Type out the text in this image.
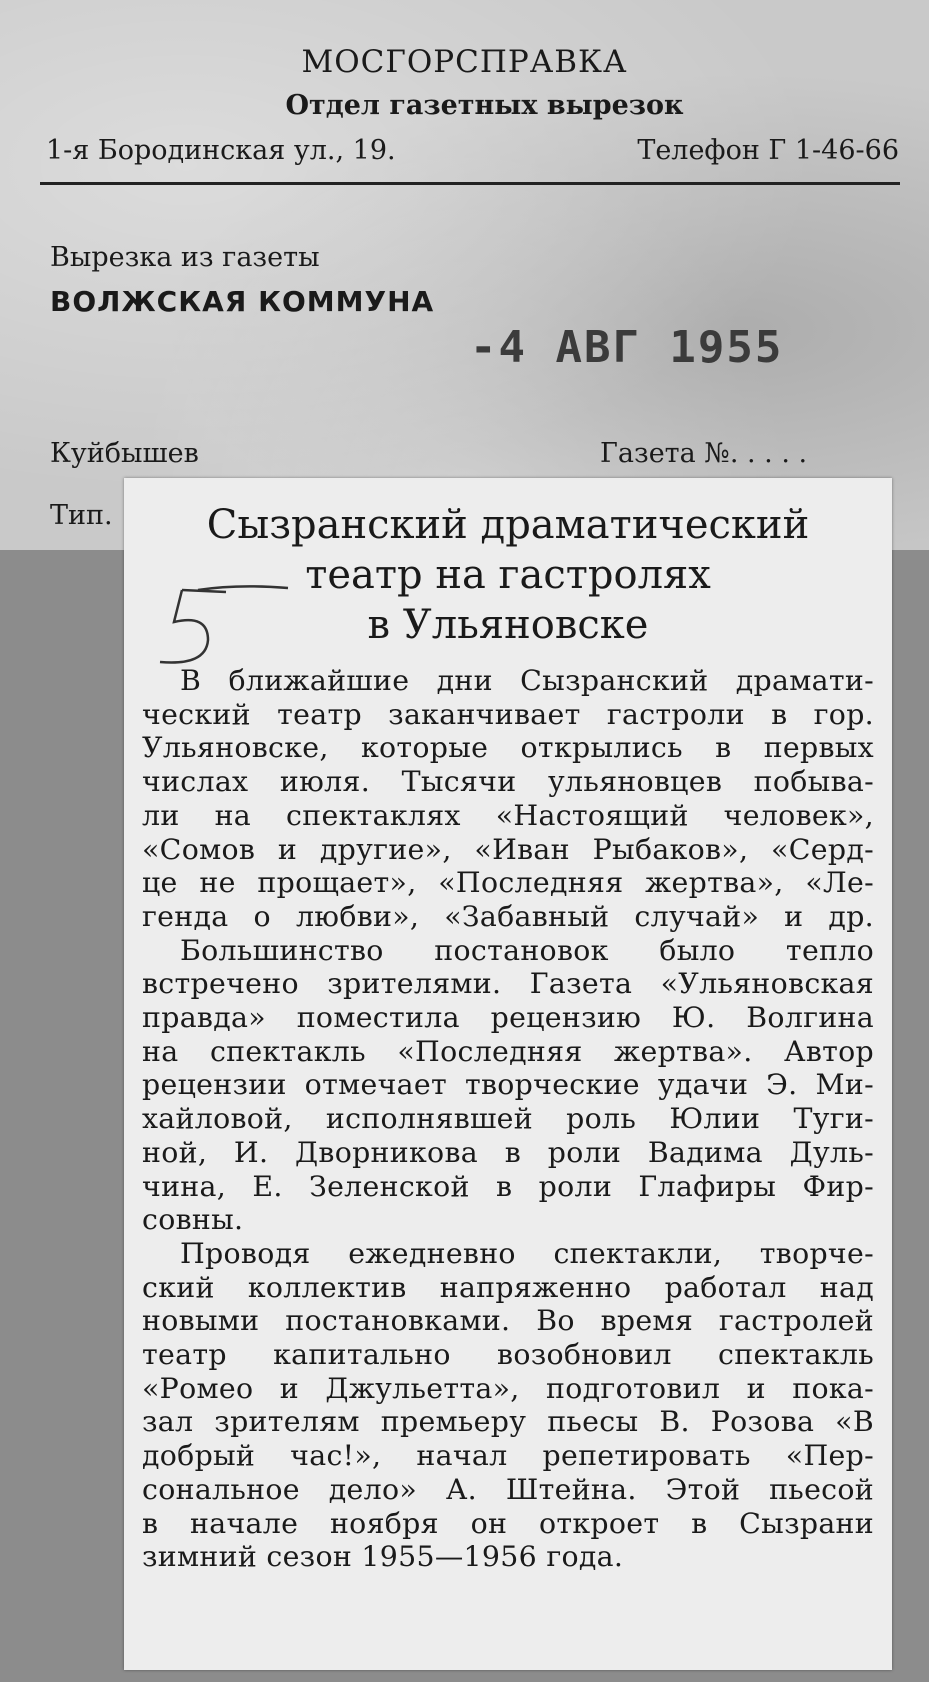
МОСГОРСПРАВКА
Отдел газетных вырезок
1-я Бородинская ул., 19.	Телефон Г 1-46-66
Вырезка из газеты
ВОЛЖСКАЯ КОММУНА
-4 АВГ 1955
Куйбышев	Газета №. . . . .
Тип.	Сызранский драматический
театр на гастролях
в Ульяновске
В ближайшие дни Сызранский драмати-
ческий театр заканчивает гастроли в гор.
Ульяновске, которые открылись в первых
числах июля. Тысячи ульяновцев побыва-
ли на спектаклях «Настоящий человек»,
«Сомов и другие», «Иван Рыбаков», «Серд-
це не прощает», «Последняя жертва», «Ле-
генда о любви», «Забавный случай» и др.
Большинство постановок было тепло
встречено зрителями. Газета «Ульяновская
правда» поместила рецензию Ю. Волгина
на спектакль «Последняя жертва». Автор
рецензии отмечает творческие удачи Э. Ми-
хайловой, исполнявшей роль Юлии Туги-
ной, И. Дворникова в роли Вадима Дуль-
чина, Е. Зеленской в роли Глафиры Фир-
совны.
Проводя ежедневно спектакли, творче-
ский коллектив напряженно работал над
новыми постановками. Во время гастролей
театр капитально возобновил спектакль
«Ромео и Джульетта», подготовил и пока-
зал зрителям премьеру пьесы В. Розова «В
добрый час!», начал репетировать «Пер-
сональное дело» А. Штейна. Этой пьесой
в начале ноября он откроет в Сызрани
зимний сезон 1955—1956 года.
